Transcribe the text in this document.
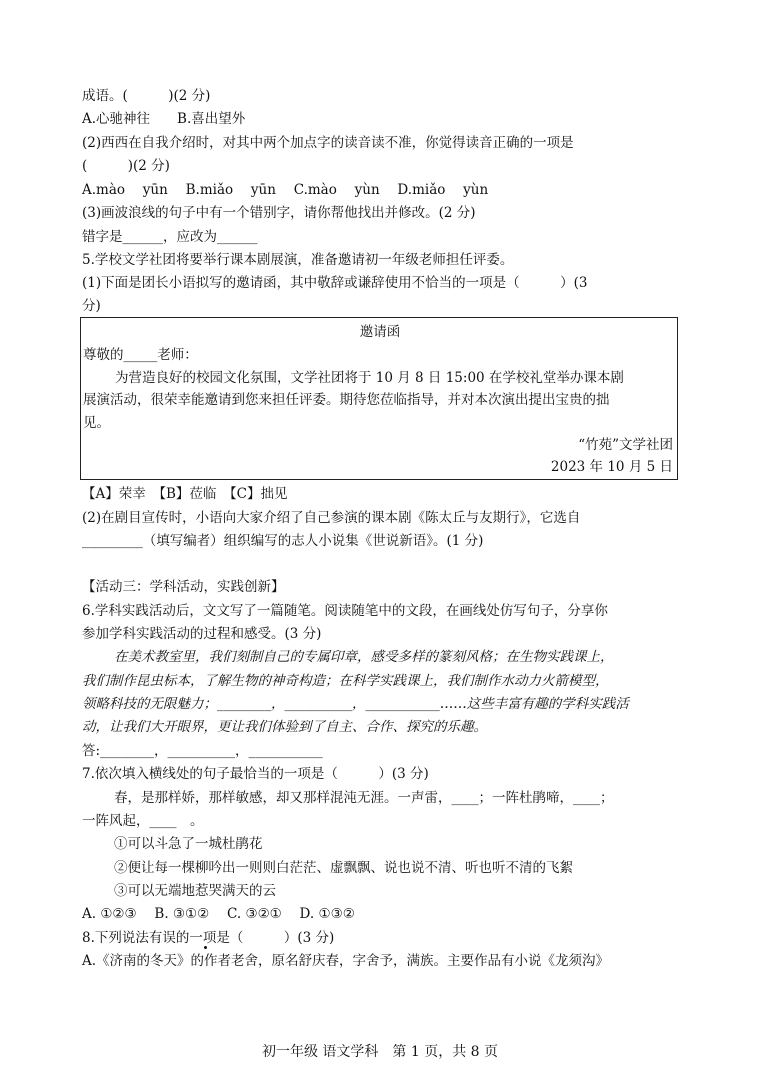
成语。(　　　)(2 分)
A.心驰神往　　B.喜出望外
(2)西西在自我介绍时，对其中两个加点字的读音读不准，你觉得读音正确的一项是
(　　　)(2 分)
A.mào　 yūn　 B.miǎo　 yūn　 C.mào　 yùn　 D.miǎo　 yùn
(3)画波浪线的句子中有一个错别字，请你帮他找出并修改。(2 分)
错字是______，应改为______
5.学校文学社团将要举行课本剧展演，准备邀请初一年级老师担任评委。
(1)下面是团长小语拟写的邀请函，其中敬辞或谦辞使用不恰当的一项是（　　　）(3
分)
邀请函
尊敬的_____老师：
为营造良好的校园文化氛围，文学社团将于 10 月 8 日 15:00 在学校礼堂举办课本剧
展演活动，很荣幸能邀请到您来担任评委。期待您莅临指导，并对本次演出提出宝贵的拙
见。
“竹苑”文学社团
2023 年 10 月 5 日
【A】荣幸　【B】莅临　【C】拙见
(2)在剧目宣传时，小语向大家介绍了自己参演的课本剧《陈太丘与友期行》，它选自
_________（填写编者）组织编写的志人小说集《世说新语》。(1 分)
【活动三：学科活动，实践创新】
6.学科实践活动后，文文写了一篇随笔。阅读随笔中的文段，在画线处仿写句子，分享你
参加学科实践活动的过程和感受。(3 分)
在美术教室里，我们刻制自己的专属印章，感受多样的篆刻风格；在生物实践课上，
我们制作昆虫标本，了解生物的神奇构造；在科学实践课上，我们制作水动力火箭模型，
领略科技的无限魅力；________，__________，___________……这些丰富有趣的学科实践活
动，让我们大开眼界，更让我们体验到了自主、合作、探究的乐趣。
答:________，__________，___________
7.依次填入横线处的句子最恰当的一项是（　　　）(3 分)
春，是那样娇，那样敏感，却又那样混沌无涯。一声雷，____；一阵杜鹃啼，____；
一阵风起，____　。
①可以斗急了一城杜鹃花
②便让每一棵柳吟出一则则白茫茫、虚飘飘、说也说不清、听也听不清的飞絮
③可以无端地惹哭满天的云
A. ①②③　 B. ③①②　 C. ③②①　 D. ①③②
8.下列说法有误的一项是（　　　）(3 分)
A.《济南的冬天》的作者老舍，原名舒庆春，字舍予，满族。主要作品有小说《龙须沟》
初一年级 语文学科　第 1 页，共 8 页
